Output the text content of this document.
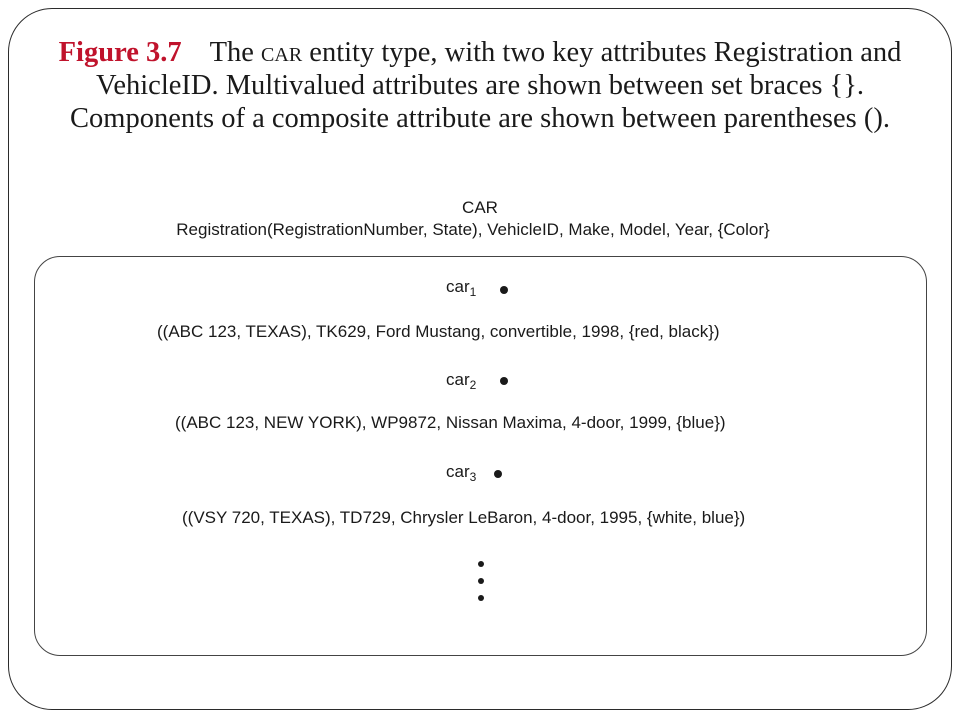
Figure 3.7 The car entity type, with two key attributes Registration and
VehicleID. Multivalued attributes are shown between set braces {}.
Components of a composite attribute are shown between parentheses ().
CAR
Registration(RegistrationNumber, State), VehicleID, Make, Model, Year, {Color}
car$_1$
((ABC 123, TEXAS), TK629, Ford Mustang, convertible, 1998, {red, black})
car$_2$
((ABC 123, NEW YORK), WP9872, Nissan Maxima, 4-door, 1999, {blue})
car$_3$
((VSY 720, TEXAS), TD729, Chrysler LeBaron, 4-door, 1995, {white, blue})
